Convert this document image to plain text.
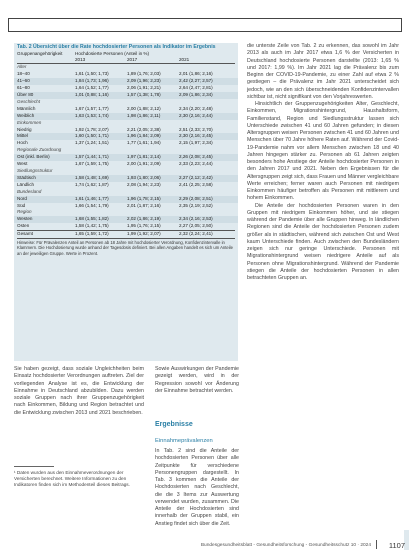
Tab. 2 Übersicht über die Rate hochdosierter Personen als Indikator im Ergebnis
Gruppenangehörigkeit	Hochdosierte Personen (Anteil in %)
2013	2017	2021
Alter
18–40	1,61 (1,50; 1,73)	1,89 (1,76; 2,03)	2,01 (1,86; 2,16)
41–60	1,84 (1,73; 1,96)	2,09 (1,96; 2,23)	2,42 (2,27; 2,57)
61–80	1,64 (1,52; 1,77)	2,06 (1,91; 2,21)	2,64 (2,47; 2,81)
Über 80	1,01 (0,88; 1,16)	1,57 (1,38; 1,78)	2,09 (1,86; 2,34)
Geschlecht
Männlich	1,67 (1,57; 1,77)	2,00 (1,88; 2,12)	2,34 (2,20; 2,48)
Weiblich	1,63 (1,53; 1,74)	1,98 (1,86; 2,11)	2,30 (2,16; 2,44)
Einkommen
Niedrig	1,92 (1,78; 2,07)	2,21 (2,05; 2,38)	2,51 (2,33; 2,70)
Mittel	1,60 (1,50; 1,71)	1,96 (1,84; 2,09)	2,30 (2,16; 2,45)
Hoch	1,37 (1,24; 1,51)	1,77 (1,61; 1,94)	2,15 (1,97; 2,34)
Regionale Zuordnung
Ost (inkl. Berlin)	1,57 (1,44; 1,71)	1,97 (1,81; 2,14)	2,26 (2,08; 2,45)
West	1,67 (1,59; 1,75)	2,00 (1,91; 2,09)	2,33 (2,23; 2,44)
Siedlungsstruktur
Städtisch	1,58 (1,48; 1,69)	1,93 (1,80; 2,06)	2,27 (2,12; 2,42)
Ländlich	1,74 (1,62; 1,87)	2,08 (1,94; 2,23)	2,41 (2,25; 2,58)
Bundesland
Nord	1,61 (1,46; 1,77)	1,96 (1,78; 2,15)	2,29 (2,08; 2,51)
Süd	1,66 (1,54; 1,79)	2,01 (1,87; 2,16)	2,35 (2,19; 2,52)
Region
Westen	1,68 (1,55; 1,82)	2,02 (1,86; 2,19)	2,34 (2,16; 2,53)
Osten	1,58 (1,42; 1,75)	1,95 (1,76; 2,15)	2,27 (2,05; 2,50)
Gesamt	1,65 (1,59; 1,72)	1,99 (1,92; 2,07)	2,32 (2,24; 2,41)
Hinweise: Für Prävalenzen Anteil an Personen ab 18 Jahre mit hochdosierter Verordnung, Konfidenzintervalle in Klammern. Die Hochdosierung wurde anhand der Tagesdosis definiert. Bei allen Angaben handelt es sich um Anteile an der jeweiligen Gruppe. Werte in Prozent.

die unterste Zeile von Tab. 2 zu erkennen, das sowohl im Jahr 2013 als auch im Jahr 2017 etwa 1,6 % der Versicherten in Deutschland hochdosierte Personen darstellte (2013: 1,65 % und 2017: 1,99 %). Im Jahr 2021 lag die Prävalenz bis zum Beginn der COVID-19-Pandemie, zu einer Zahl auf etwa 2 % gestiegen – die Prävalenz im Jahr 2021 unterscheidet sich jedoch, wie an den sich überschneidenden Konfidenzintervallen sichtbar ist, nicht signifikant von den Vorjahreswerten.

Hinsichtlich der Gruppenzugehörigkeiten Alter, Geschlecht, Einkommen, Migrationshintergrund, Haushaltsform, Familienstand, Region und Siedlungsstruktur lassen sich Unterschiede zwischen 41 und 60 Jahren gefunden; in diesen Altersgruppen weisen Personen zwischen 41 und 60 Jahren und Menschen über 70 Jahre höhere Raten auf. Während der Covid-19-Pandemie nahm vor allem Menschen zwischen 18 und 40 Jahren hingegen stärker zu. Personen ab 61 Jahren zeigten besonders hohe Anstiege der Anteile hochdosierter Personen in den Jahren 2017 und 2021. Neben den Ergebnissen für die Altersgruppen zeigt sich, dass Frauen und Männer vergleichbare Werte erreichen; ferner waren auch Personen mit niedrigem Einkommen häufiger betroffen als Personen mit mittlerem und hohem Einkommen.

Die Anteile der hochdosierten Personen waren in den Gruppen mit niedrigem Einkommen höher, und sie stiegen während der Pandemie über alle Gruppen hinweg. In ländlichen Regionen sind die Anteile der hochdosierten Personen zudem größer als in städtischen, während sich zwischen Ost und West kaum Unterschiede finden. Auch zwischen den Bundesländern zeigen sich nur geringe Unterschiede. Personen mit Migrationshintergrund weisen niedrigere Anteile auf als Personen ohne Migrationshintergrund. Während der Pandemie stiegen die Anteile der hochdosierten Personen in allen betrachteten Gruppen an.

Sie haben gezeigt, dass soziale Ungleichheiten beim Einsatz hochdosierter Verordnungen auftreten. Ziel der vorliegenden Analyse ist es, die Entwicklung der Einnahme in Deutschland abzubilden. Dazu werden soziale Gruppen nach ihrer Gruppenzugehörigkeit nach Einkommen, Bildung und Region betrachtet und die Entwicklung zwischen 2013 und 2021 beschrieben.

Sowie Auswirkungen der Pandemie gezeigt werden, wird in der Regression sowohl vor Änderung der Einnahme betrachtet werden.

Ergebnisse
Einnahmeprävalenzen

In Tab. 2 sind die Anteile der hochdosierten Personen über alle Zeitpunkte für verschiedene Personengruppen dargestellt. In Tab. 3 kommen die Anteile der Hochdosierten nach Geschlecht, die die 3 Items zur Auswertung verwendet wurden, zusammen. Die Anteile der Hochdosierten sind innerhalb der Gruppen stabil, ein Anstieg findet sich über die Zeit.

¹ Daten wurden aus den Einnahmeverordnungen der Versicherten berechnet. Weitere Informationen zu den Indikatoren finden sich im Methodenteil dieses Beitrags.
Bundesgesundheitsblatt - Gesundheitsforschung - Gesundheitsschutz 10 · 2024 1107
